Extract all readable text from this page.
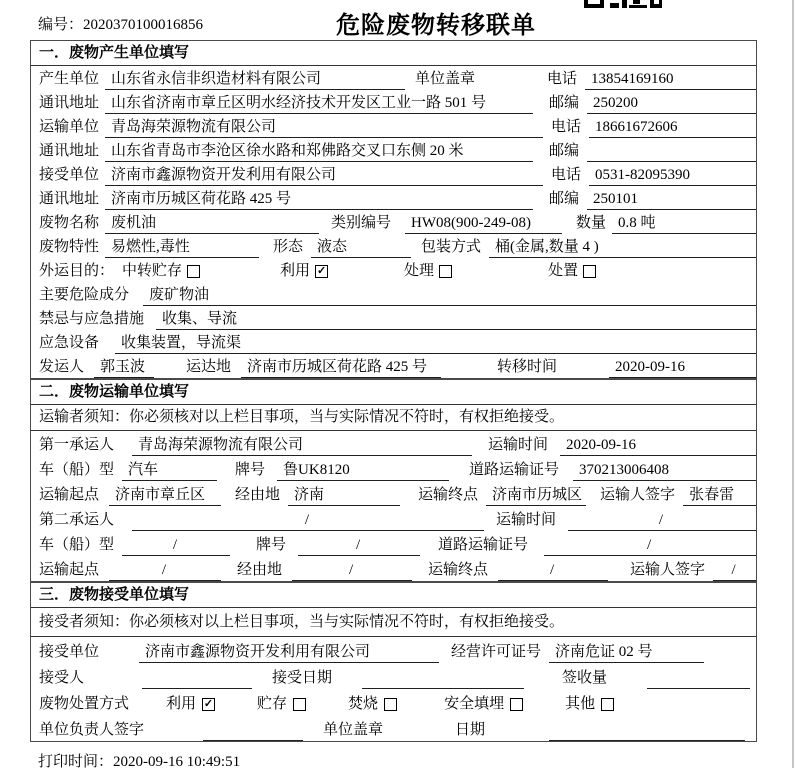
编号：2020370100016856	危险废物转移联单
一．废物产生单位填写
产生单位 山东省永信非织造材料有限公司	单位盖章	电话 13854169160
通讯地址 山东省济南市章丘区明水经济技术开发区工业一路 501 号	邮编 250200
运输单位 青岛海荣源物流有限公司	电话 18661672606
通讯地址 山东省青岛市李沧区徐水路和郑佛路交叉口东侧 20 米	邮编
接受单位 济南市鑫源物资开发利用有限公司	电话 0531-82095390
通讯地址 济南市历城区荷花路 425 号	邮编 250101
废物名称 废机油	类别编号	HW08(900-249-08)	数量 0.8 吨
废物特性 易燃性,毒性	形态 液态	包装方式 桶(金属,数量 4 )
外运目的： 中转贮存	利用 ✓	处理	处置
主要危险成分	废矿物油
禁忌与应急措施	收集、导流
应急设备	收集装置，导流渠
发运人	郭玉波	运达地	济南市历城区荷花路 425 号	转移时间	2020-09-16
二．废物运输单位填写
运输者须知：你必须核对以上栏目事项，当与实际情况不符时，有权拒绝接受。
第一承运人	青岛海荣源物流有限公司	运输时间	2020-09-16
车（船）型 汽车	牌号	鲁UK8120	道路运输证号	370213006408
运输起点	济南市章丘区	经由地 济南	运输终点 济南市历城区 运输人签字 张春雷
第二承运人	/	运输时间	/
车（船）型	/	牌号	/	道路运输证号	/
运输起点	/	经由地	/	运输终点	/	运输人签字	/
三．废物接受单位填写
接受者须知：你必须核对以上栏目事项，当与实际情况不符时，有权拒绝接受。
接受单位	济南市鑫源物资开发利用有限公司	经营许可证号 济南危证 02 号
接受人	接受日期	签收量
废物处置方式 利用 ✓	贮存	焚烧	安全填埋	其他
单位负责人签字	单位盖章	日期
打印时间：2020-09-16 10:49:51
